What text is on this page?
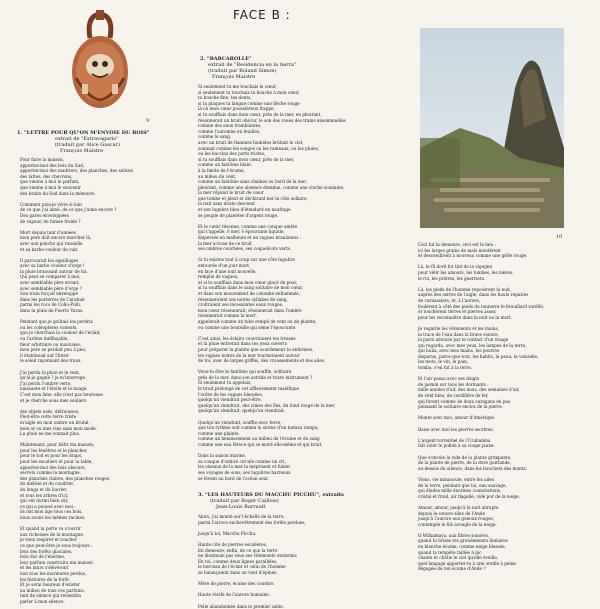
FACE B :
9
1. "LETTRE POUR QU'ON M'ENVOIE DU BOIS"
extrait de "Extravagario"
(traduit par Alice Gascar)
François Maistre
Pour faire la maison,
apportez-moi des bois du Sud,
apportez-moi des madriers, des planches, des solives
des lattes, des chevrons,
que vienne à moi le parfum,
que vienne à moi le souvenir
des bruits du Sud dans la mémoire.

Comment puis-je vivre si loin
de ce que j'ai aimé, de ce que j'aime encore ?
Des gares enveloppées
de vapeur, de fumée froide ?

Mort depuis tant d'années
mon père doit encore marcher là,
avec son poncho qui ruisselle
et sa barbe couleur de cuir.

Il parcourait les aiguillages
avec sa barbe couleur d'orge !
la pluie brusssant autour de lui.
Qui peut se comparer à moi,
avec semblable père errant,
avec semblable père d'orge ?
Son train forçait enveloppé
dans les parterres de Carahué
parmi les rocs de Collo-Pulli,
dans la pluie de Puerto Varas.

Pendant que je goûtais les perdrix
ou les coléoptères violents,
que je cherchais la couleur de l'éclair,
ou l'arôme inéffaçable,
fleur arbitraire ou mauvaise,
mon père se perdait peu à peu,
il établissait sur l'hiver
le soleil rayonnant des traux.

J'ai perdu la pluie et le vent,
qu'ai-je gagné ? je m'interroge.
J'ai perdu l'ombre verte,
naissante et l'étoile et le nuage.
C'est mon âme, elle n'est pas heureuse
et je cherche sous mes souliers

des objets usés, détrousses,
Peut-être cette terre triste
m'aigle en mon ombre un brutal,
mon or ou mes vins sans mon mode.
La pluie ne me connait plus.

Maintenant, pour bâtir ma maison,
pour les fenêtres et le plancher,
pour le toit et pour les draps,
pour les escaliers et pour la table,
apportez-moi des bois obscurs,
secrets comme la montagne,
des planches claires, des planches rouges,
du mélèze et du coudrier,
du lenga et du laurier,
et tous les arbres d'ici,
qui ont dormi bien sûr,
ce qui a poussé avec moi :
ils ont mon âge tous ces bois,
nous avons les mêmes racines.

Et quand la porte va s'ouvrir
aux richesses de la montagne,
je veux respirer et toucher
ce que peut-être je sous toujours :
bois des forêts glaciales,
bois dur de l'énorme,
leur parfum construira ma maison
et les murs s'élèveront
non tous les murmures perdus,
les histoires de la forêt.
Et je serai heureux d'exister
au milieu de tous ces parfums,
tant de silence qui reviendra
parler à mon silence.
2. "BARCAROLLE"
extrait de "Residencia en la tierra"
(traduit par Roland Simon)
François Maistre
Si seulement tu me touchais le cœur,
si seulement tu touchais ta bouche à mon cœur,
ta bouche fine, tes dents,
si ta plaques ta langue comme une flèche rouge
là où mon cœur poussiéreux frappe,
si tu soufflais dans mon cœur, près de la mer, en pleurant,
résonnerait un bruit obscur, le son des roues des trains ensommeillés
comme des eaux tremblantes,
comme l'automne en feuilles,
comme le sang,
avec un bruit de flammes humides brûlant le ciel,
sonnant comme les songes ou les rameaux, ou les pluies,
ou les buccins des ports tristes,
si tu soufflais dans mon cœur, près de la mer,
comme un fantôme blanc
à la limite de l'écume,
au milieu du vent,
comme un fantôme sans chaînes au bord de la mer,
pleurant, comme une absence étendue, comme une cloche soudaine,
la mer répand le bruit de cœur
que tombe et pleut et déchirant ner la côte sollaire,
la nuit sans doute descend
et son lugubre bleu d'étendard en naufrage
se peuple de planètes d'argent rouge.

Et le cœur résonne, comme une conque amère
qui t'appelle, ô mer, ô épouvante liquide,
dispersée en malheurs et en vagues branlantes :
la mer accuse de ce bruit
ses ombres couchées, ses coquelicots verts.

Si tu existes tout à coup sur une côte lugubre
entourée d'un jour mort,
en face d'une nuit nouvelle,
remplie de vagues,
et si tu soufflais dans mon cœur glacé de peur,
si tu soufflais dans le sang solitaire de mon cœur,
et dans son mouvement de colombe enflammée,
résonneraient ses noires syllabes de sang,
croîtraient ses incessantes eaux rouges,
mon cœur résonnerait, résonnerait dans l'ombre
résonnerait comme la mort,
appelerait comme un tube rempli de vent ou de plainte,
ou comme une bouteille qui sème l'épouvante.

C'est ainsi, les éclairs couvriraient tes tresses
et la pluie entrerait dans tes yeux ouverts
pour préparer la plainte que sourdement tu enfermes,
les vagues noires de la mer tourneraient autour
de toi, avec de larges griffes, des croassements et des ailes.

Veux-tu être le fantôme qui souffle, solitaire
près de la mer, dans son astride et triste instrument ?
Si seulement tu appelais,
le bruit prolongé de cet affleurement maléfique
l'ordre de tes vagues blessées,
quelqu'un viendrait peut-être,
quelqu'un viendrait, des cimes des îles, du fond rouge de la mer,
quelqu'un viendrait, quelqu'un viendrait.

Quelqu'un viendrait, souffle avec force,
que ton rythme soit comme la sirène d'un bateau rompu,
comme une plainte,
comme un hennissement au milieu de l'écume et du sang
comme une eau féroce qui se mord elle-même et qui bruit.

Dans la saison marine,
sa conque d'ombre circule comme un cri,
les oiseaux de la mer la méprisent et fuient
ses voyages de sons, ses lugubres barreaux
se lèvent au bord de l'océan seul.
3. "LES HAUTEURS DU MACCHU PICCHU", extraits
(traduit par Roger Caillois)
Jean-Louis Barrault
Alors, j'ai monté sur l'échelle de la terre,
parmi l'atroce enchevêtrement des forêts perdues,

jusqu'à toi, Macchu Picchu.

Haute cité de pierres escalières,
En demeure, enfin, de ce que la terre
ne dissimule pas sous ses vêtements endormis
En toi, comme deux lignes parallèles,
le berceau de l'éclair et celui de l'homme
se balançaient dans un vent d'épines.

Mère de pierre, écume des condors

Haute récife de l'aurore humaine.

Pelle abandonnée dans le premier sable.
10
Ceci fut la demeure, ceci est le lieu :
ici les larges grains de maïs montèrent
et descendirent à nouveau comme une grêle rouge.

Là, le fil doré fut tiré de la vigogne
pour vêtir les amours, les tombes, les mères,
le roi, les prières, les guerriers.

Là, les pieds de l'homme reposèrent la nuit,
auprès des serres de l'aigle, dans les hauts repaires
de carnassiers, et, à l'aurore,
foulèrent à côté des pieds du tonnerre le brouillard raréfié,
et touchèrent terres et pierres assez
pour les reconnaître dans la nuit ou la mort.

Je regarde les vêtements et les mains,
la trace de l'eau dans la brave sonore,
la paroi adoucie par le contact d'un visage
qui regarda, avec mes yeux, les lampes de la terre,
qui huila, avec mes mains, les poutres
disparus, parce que tout, les habits, la peau, la vaisselle,
les mots, le vin, le pain,
tomba, s'en fut à la terre.

Et l'air passa avec ses doigts
de jasmin sur tous les dormants :
mille années d'air, des mois, des semaines d'air,
de vent bleu, de cordillère de fer,
qui furent comme de doux ouragans de pas
polissant le solitaire enclos de la pierre.

Monte avec moi, amour d'Amérique.

Baise avec moi les pierres secrètes.

L'argent torrentiel de l'Urubamba
fait voler le pollen à sa coupe jaune.

Que s'envole la vide de la plante grimpante,
de la plante de pierre, de la dure guirlande,
au-dessus du silence, dans les boucliers des monts.

Viens, vie minuscule, entre les ailes
de la terre, pendant que toi, eau sauvage,
qui éludes mille énormes connotations,
cristal et froid, air flagellé, vidé pur de la neige.

Amour, amour, jusqu'à la nuit abrupte
depuis le sonore silex de l'Ande
jusqu'à l'aurore aux genoux rouges,
contemple le fils aveugle de la neige.

O Wilkamayu, aux fibres sonores,
quand tu brises tes grondements linéaires
en blanche écume, comme neige blessée,
quand ta tempête taillée à pic
chante et châtie le ciel qu'elle éveille,
quel langage apportes-tu à une oreille à peine
dégagée de ton écume d'Ande ?
